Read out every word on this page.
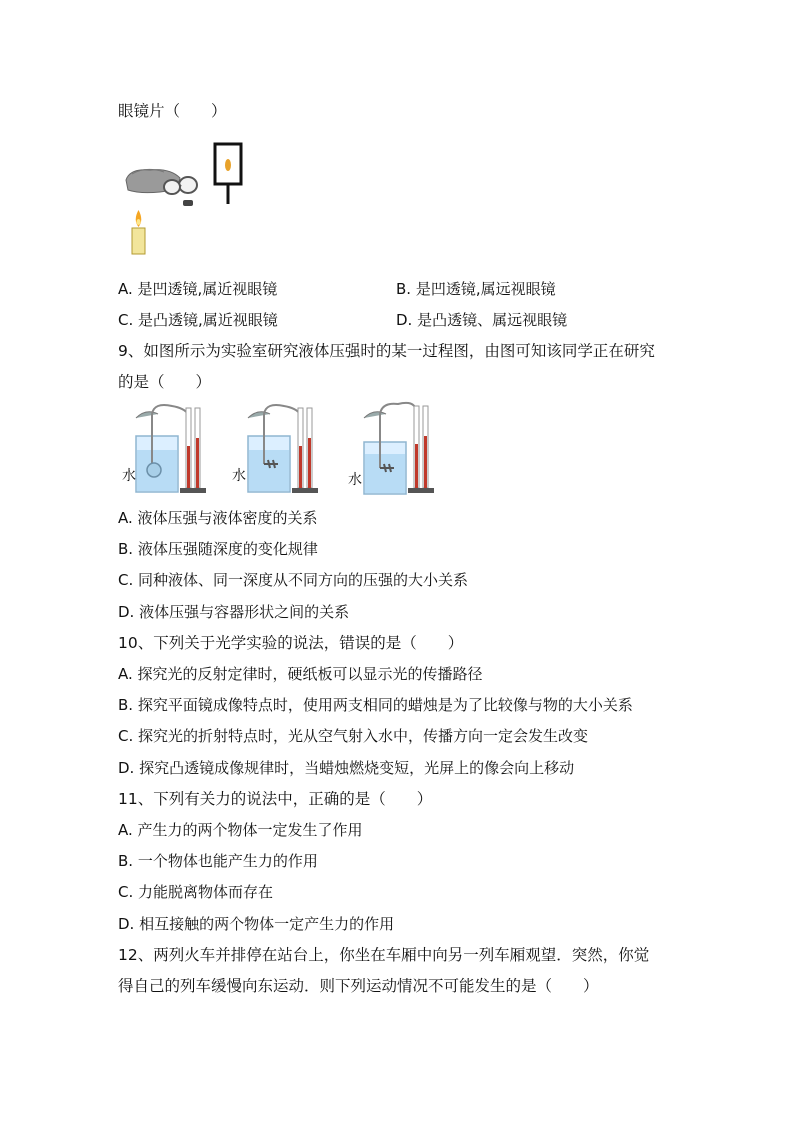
眼镜片（　　）
A. 是凹透镜,属近视眼镜	B. 是凹透镜,属远视眼镜
C. 是凸透镜,属近视眼镜	D. 是凸透镜、属远视眼镜
9、如图所示为实验室研究液体压强时的某一过程图，由图可知该同学正在研究
的是（　　）
水	水	水
A. 液体压强与液体密度的关系
B. 液体压强随深度的变化规律
C. 同种液体、同一深度从不同方向的压强的大小关系
D. 液体压强与容器形状之间的关系
10、下列关于光学实验的说法，错误的是（　　）
A. 探究光的反射定律时，硬纸板可以显示光的传播路径
B. 探究平面镜成像特点时，使用两支相同的蜡烛是为了比较像与物的大小关系
C. 探究光的折射特点时，光从空气射入水中，传播方向一定会发生改变
D. 探究凸透镜成像规律时，当蜡烛燃烧变短，光屏上的像会向上移动
11、下列有关力的说法中，正确的是（　　）
A. 产生力的两个物体一定发生了作用
B. 一个物体也能产生力的作用
C. 力能脱离物体而存在
D. 相互接触的两个物体一定产生力的作用
12、两列火车并排停在站台上，你坐在车厢中向另一列车厢观望．突然，你觉
得自己的列车缓慢向东运动．则下列运动情况不可能发生的是（　　）
